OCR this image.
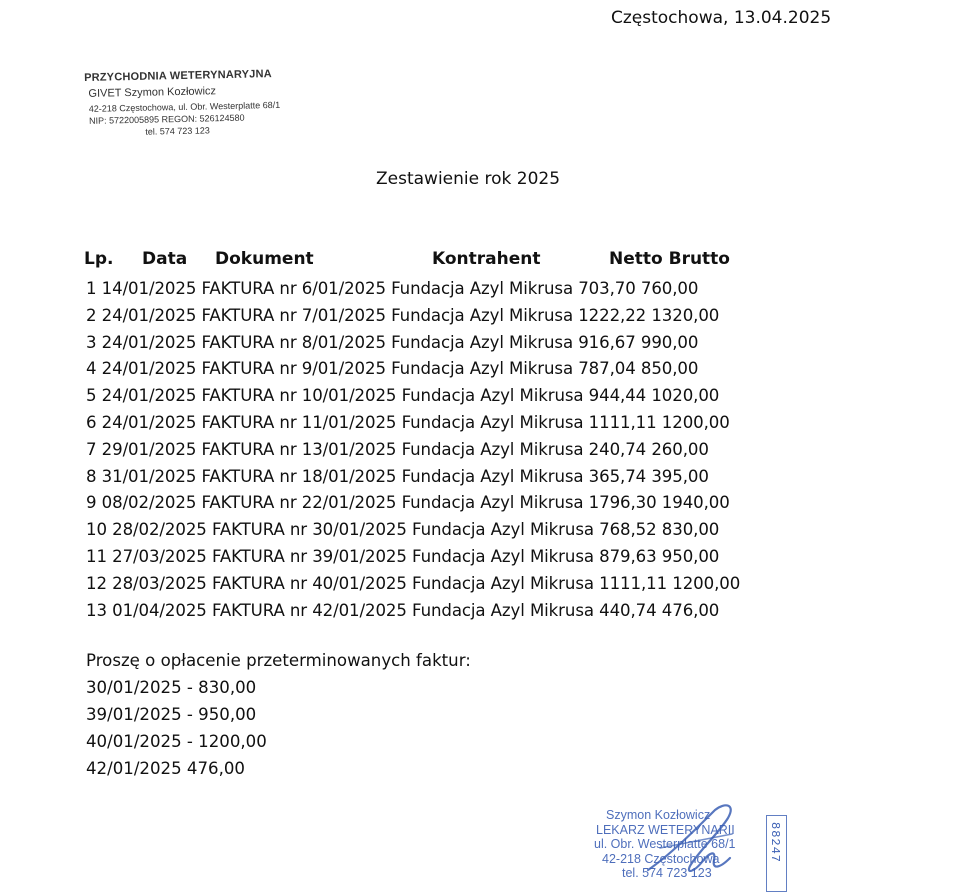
Częstochowa, 13.04.2025
PRZYCHODNIA WETERYNARYJNA
GIVET Szymon Kozłowicz
42-218 Częstochowa, ul. Obr. Westerplatte 68/1
NIP: 5722005895 REGON: 526124580
tel. 574 723 123
Zestawienie rok 2025
Lp. Data Dokument	Kontrahent	Netto Brutto
1 14/01/2025 FAKTURA nr 6/01/2025 Fundacja Azyl Mikrusa 703,70 760,00
2 24/01/2025 FAKTURA nr 7/01/2025 Fundacja Azyl Mikrusa 1222,22 1320,00
3 24/01/2025 FAKTURA nr 8/01/2025 Fundacja Azyl Mikrusa 916,67 990,00
4 24/01/2025 FAKTURA nr 9/01/2025 Fundacja Azyl Mikrusa 787,04 850,00
5 24/01/2025 FAKTURA nr 10/01/2025 Fundacja Azyl Mikrusa 944,44 1020,00
6 24/01/2025 FAKTURA nr 11/01/2025 Fundacja Azyl Mikrusa 1111,11 1200,00
7 29/01/2025 FAKTURA nr 13/01/2025 Fundacja Azyl Mikrusa 240,74 260,00
8 31/01/2025 FAKTURA nr 18/01/2025 Fundacja Azyl Mikrusa 365,74 395,00
9 08/02/2025 FAKTURA nr 22/01/2025 Fundacja Azyl Mikrusa 1796,30 1940,00
10 28/02/2025 FAKTURA nr 30/01/2025 Fundacja Azyl Mikrusa 768,52 830,00
11 27/03/2025 FAKTURA nr 39/01/2025 Fundacja Azyl Mikrusa 879,63 950,00
12 28/03/2025 FAKTURA nr 40/01/2025 Fundacja Azyl Mikrusa 1111,11 1200,00
13 01/04/2025 FAKTURA nr 42/01/2025 Fundacja Azyl Mikrusa 440,74 476,00
Proszę o opłacenie przeterminowanych faktur:
30/01/2025 - 830,00
39/01/2025 - 950,00
40/01/2025 - 1200,00
42/01/2025 476,00
Szymon Kozłowicz
LEKARZ WETERYNARII
ul. Obr. Westerplatte 68/1
42-218 Częstochowa
tel. 574 723 123
88247
